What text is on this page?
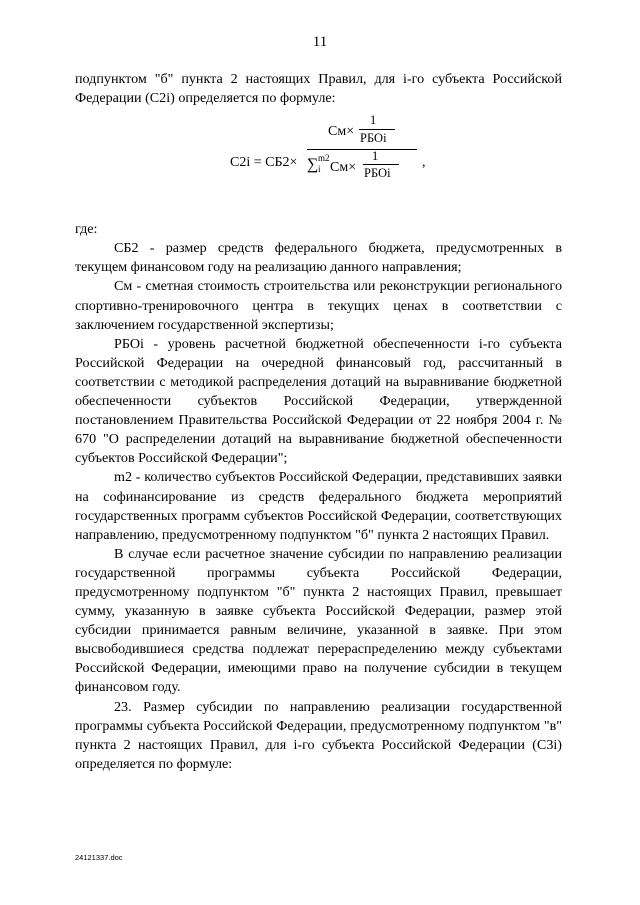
11

подпунктом "б" пункта 2 настоящих Правил, для i-го субъекта Российской Федерации (С2i) определяется по формуле:

С2i = СБ2×
См×
1
РБОi
∑ m2
i См×
1
РБОi
,

где:

СБ2 - размер средств федерального бюджета, предусмотренных в текущем финансовом году на реализацию данного направления;

См - сметная стоимость строительства или реконструкции регионального спортивно-тренировочного центра в текущих ценах в соответствии с заключением государственной экспертизы;

РБОi - уровень расчетной бюджетной обеспеченности i-го субъекта Российской Федерации на очередной финансовый год, рассчитанный в соответствии с методикой распределения дотаций на выравнивание бюджетной обеспеченности субъектов Российской Федерации, утвержденной постановлением Правительства Российской Федерации от 22 ноября 2004 г. № 670 "О распределении дотаций на выравнивание бюджетной обеспеченности субъектов Российской Федерации";

m2 - количество субъектов Российской Федерации, представивших заявки на софинансирование из средств федерального бюджета мероприятий государственных программ субъектов Российской Федерации, соответствующих направлению, предусмотренному подпунктом "б" пункта 2 настоящих Правил.

В случае если расчетное значение субсидии по направлению реализации государственной программы субъекта Российской Федерации, предусмотренному подпунктом "б" пункта 2 настоящих Правил, превышает сумму, указанную в заявке субъекта Российской Федерации, размер этой субсидии принимается равным величине, указанной в заявке. При этом высвободившиеся средства подлежат перераспределению между субъектами Российской Федерации, имеющими право на получение субсидии в текущем финансовом году.

23. Размер субсидии по направлению реализации государственной программы субъекта Российской Федерации, предусмотренному подпунктом "в" пункта 2 настоящих Правил, для i-го субъекта Российской Федерации (С3i) определяется по формуле:

24121337.doc
